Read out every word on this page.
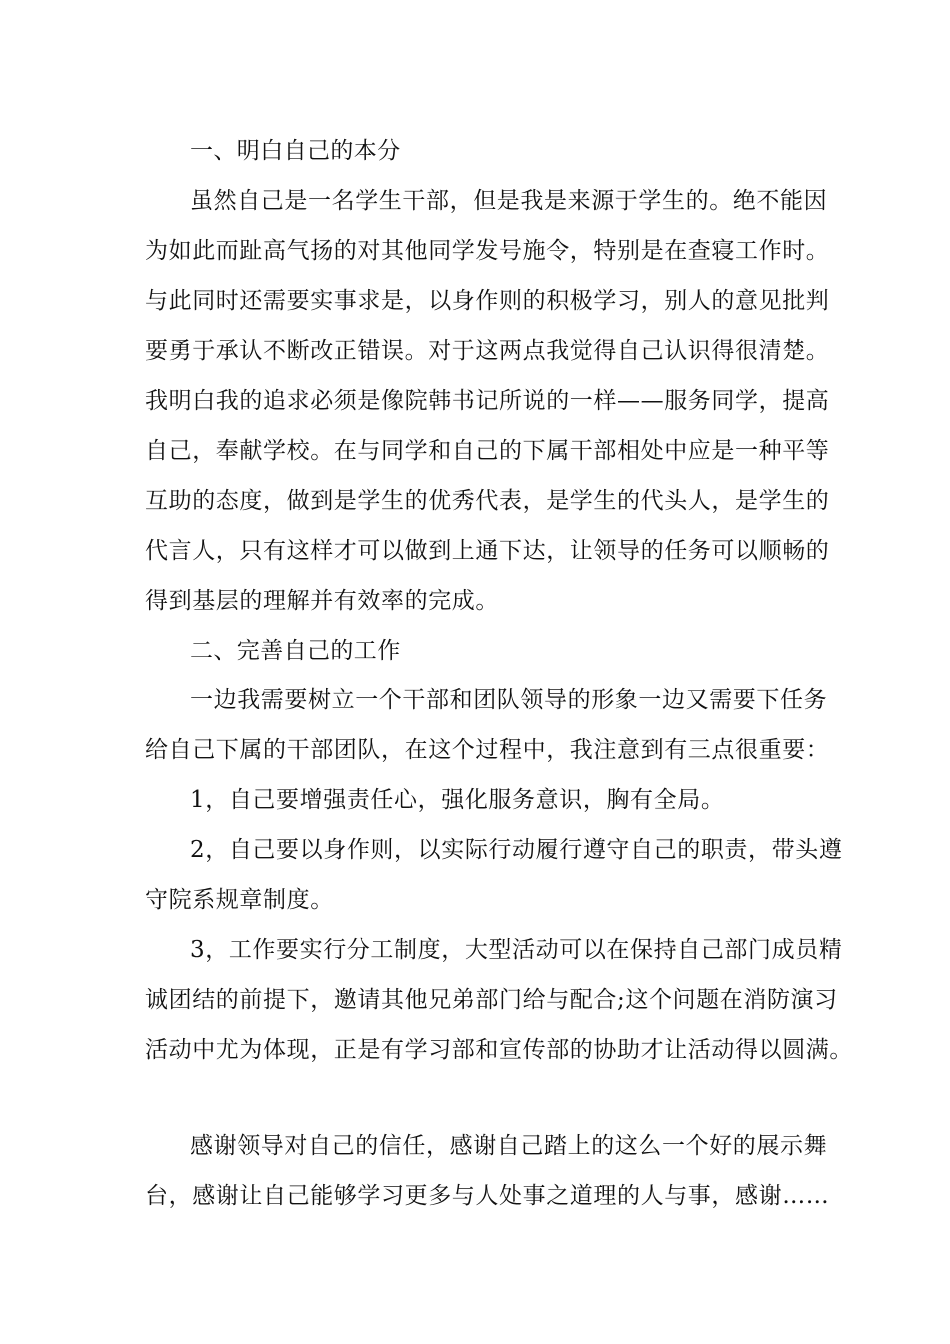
一、明白自己的本分
虽然自己是一名学生干部，但是我是来源于学生的。绝不能因
为如此而趾高气扬的对其他同学发号施令，特别是在查寝工作时。
与此同时还需要实事求是，以身作则的积极学习，别人的意见批判
要勇于承认不断改正错误。对于这两点我觉得自己认识得很清楚。
我明白我的追求必须是像院韩书记所说的一样——服务同学，提高
自己，奉献学校。在与同学和自己的下属干部相处中应是一种平等
互助的态度，做到是学生的优秀代表，是学生的代头人，是学生的
代言人，只有这样才可以做到上通下达，让领导的任务可以顺畅的
得到基层的理解并有效率的完成。
二、完善自己的工作
一边我需要树立一个干部和团队领导的形象一边又需要下任务
给自己下属的干部团队，在这个过程中，我注意到有三点很重要：
1，自己要增强责任心，强化服务意识，胸有全局。
2，自己要以身作则，以实际行动履行遵守自己的职责，带头遵
守院系规章制度。
3，工作要实行分工制度，大型活动可以在保持自己部门成员精
诚团结的前提下，邀请其他兄弟部门给与配合;这个问题在消防演习
活动中尤为体现，正是有学习部和宣传部的协助才让活动得以圆满。
感谢领导对自己的信任，感谢自己踏上的这么一个好的展示舞
台，感谢让自己能够学习更多与人处事之道理的人与事，感谢……
